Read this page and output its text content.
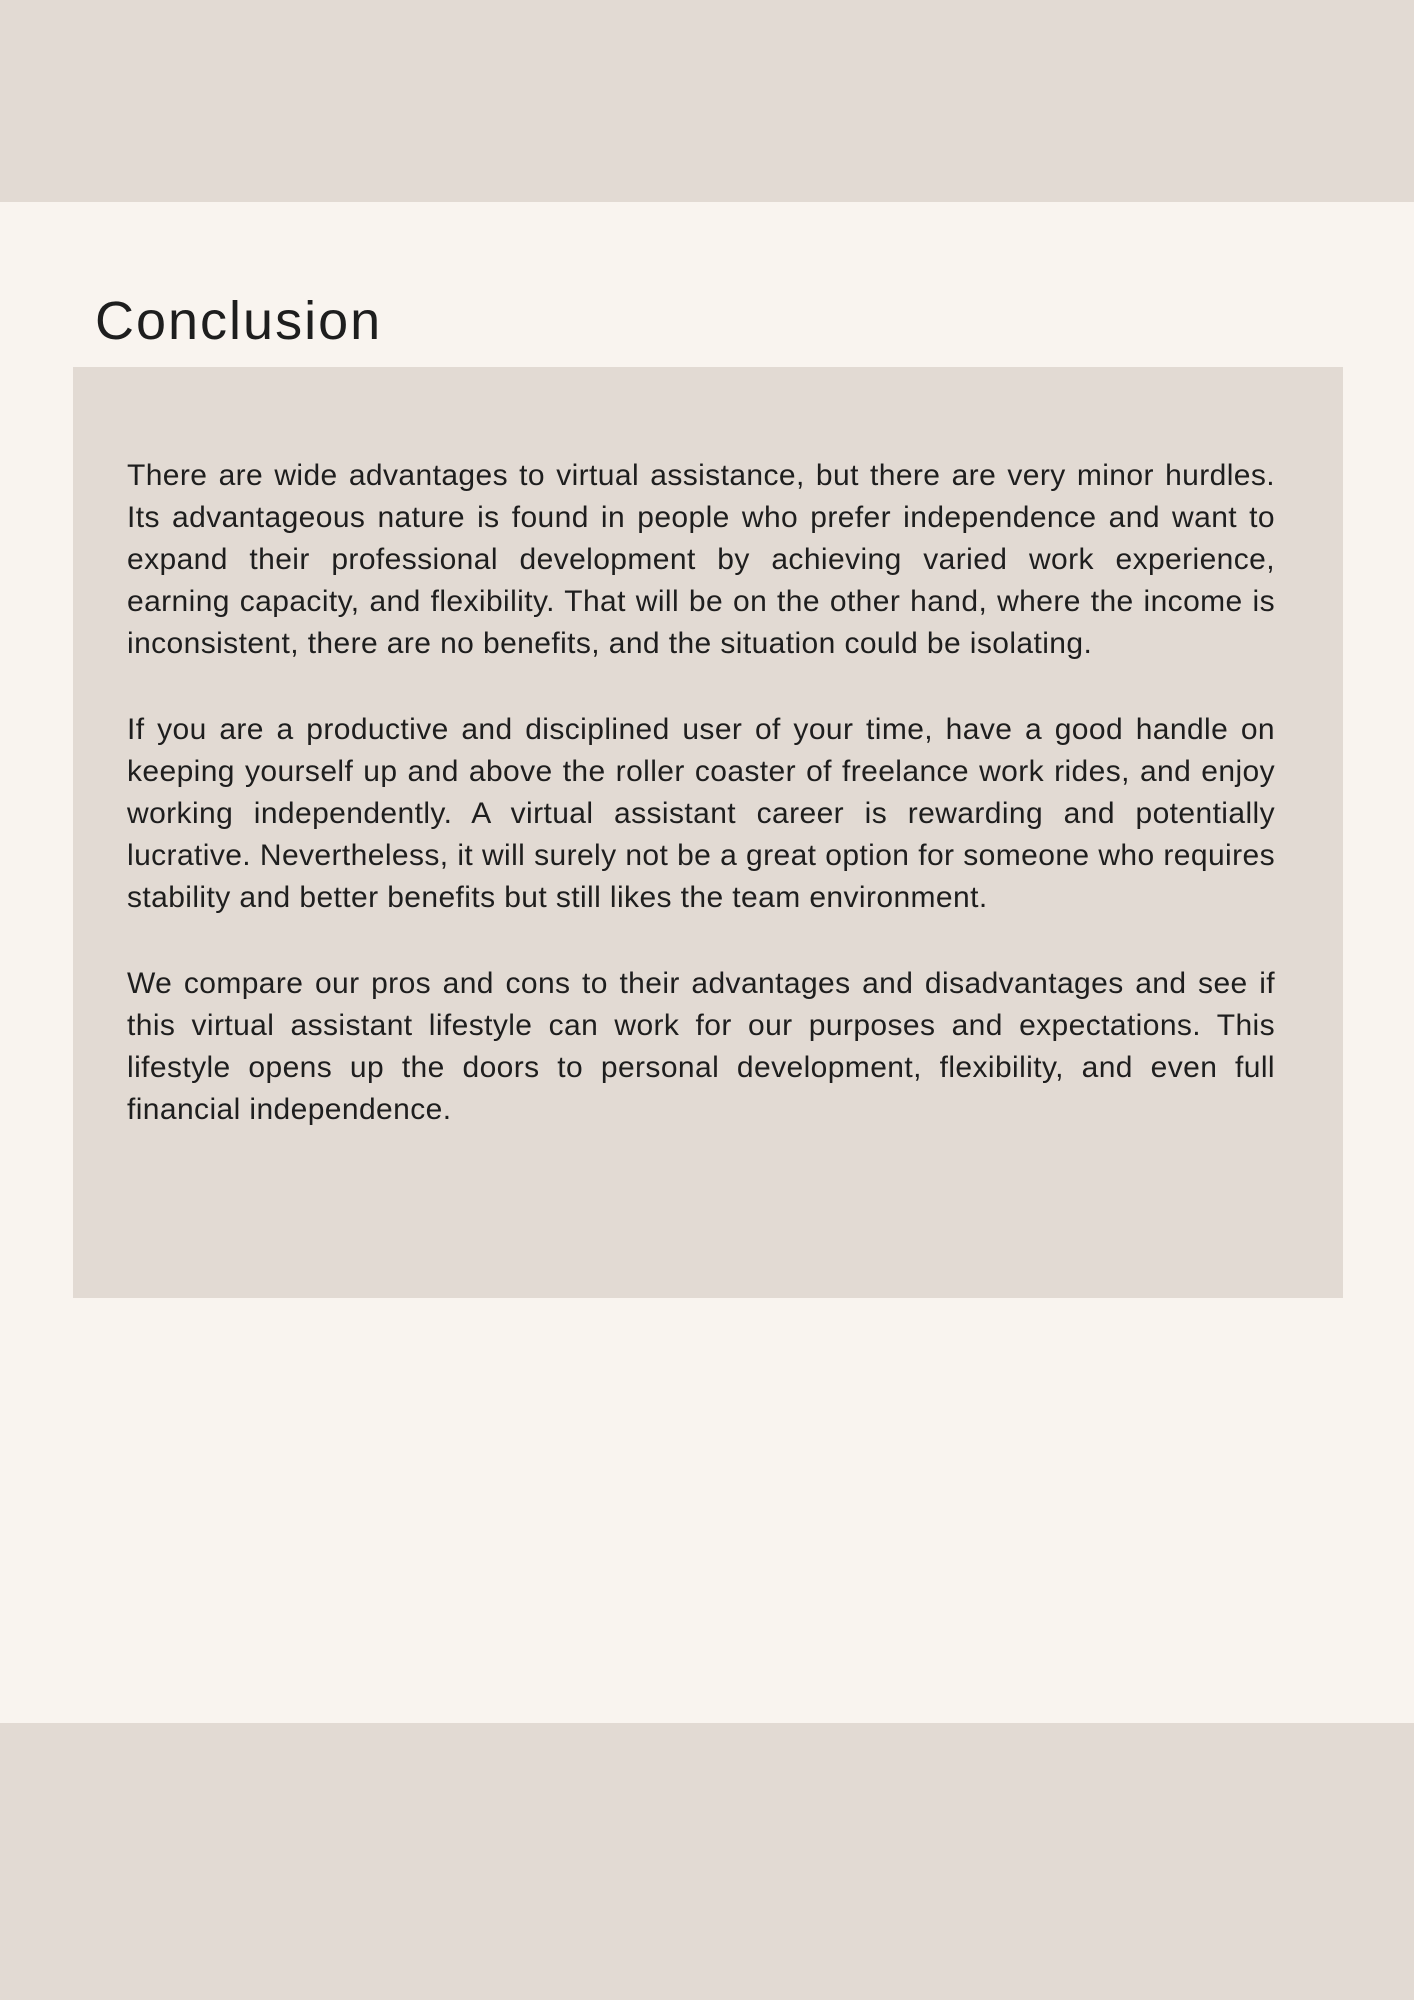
Conclusion

There are wide advantages to virtual assistance, but there are very minor hurdles. Its advantageous nature is found in people who prefer independence and want to expand their professional development by achieving varied work experience, earning capacity, and flexibility. That will be on the other hand, where the income is inconsistent, there are no benefits, and the situation could be isolating.

If you are a productive and disciplined user of your time, have a good handle on keeping yourself up and above the roller coaster of freelance work rides, and enjoy working independently. A virtual assistant career is rewarding and potentially lucrative. Nevertheless, it will surely not be a great option for someone who requires stability and better benefits but still likes the team environment.

We compare our pros and cons to their advantages and disadvantages and see if this virtual assistant lifestyle can work for our purposes and expectations. This lifestyle opens up the doors to personal development, flexibility, and even full financial independence.
